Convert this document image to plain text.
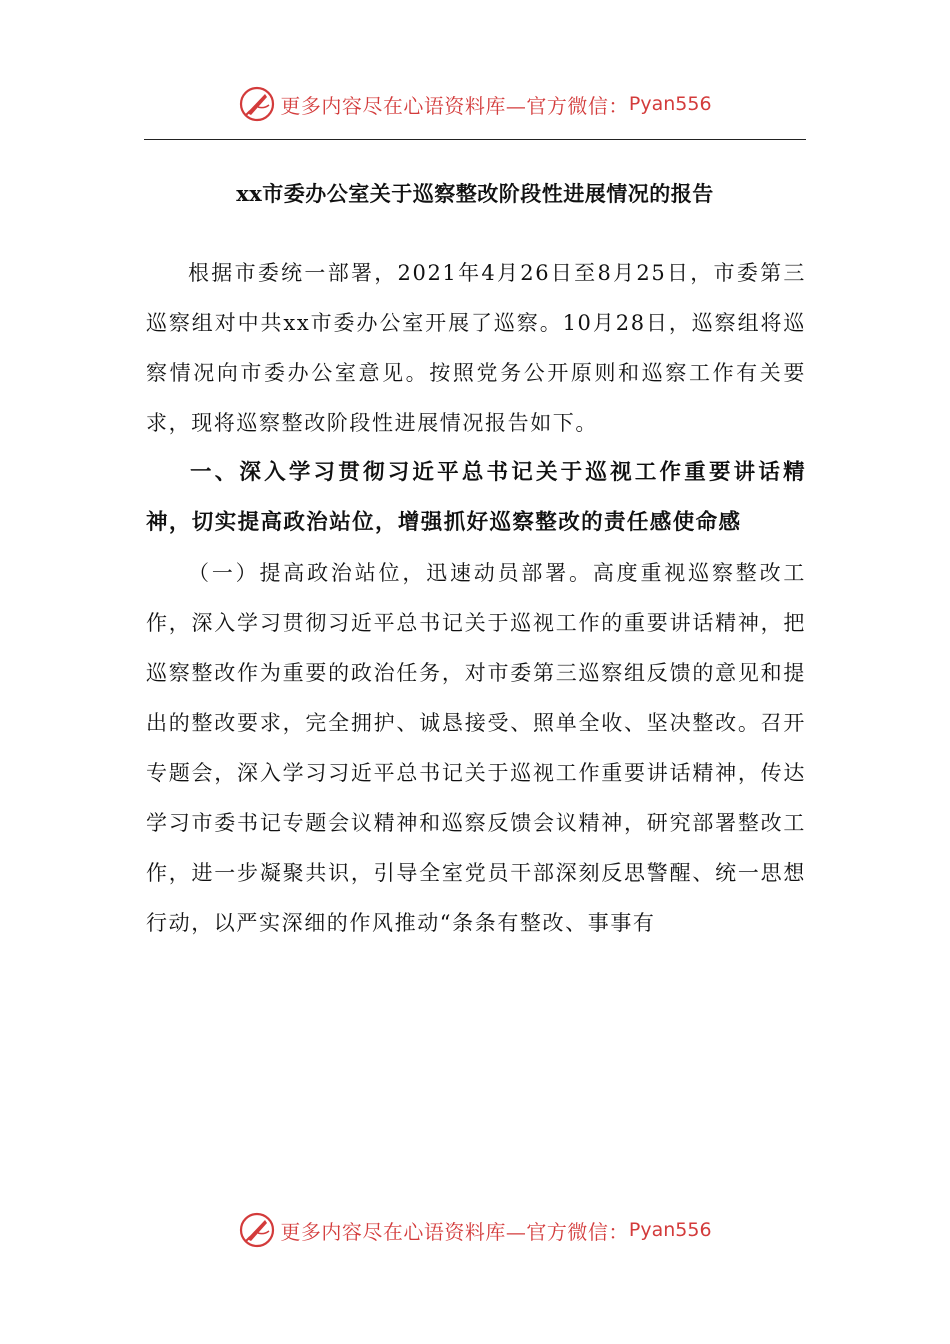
更多内容尽在心语资料库—官方微信： Pyan556
xx市委办公室关于巡察整改阶段性进展情况的报告

根据市委统一部署，2021年4月26日至8月25日，市委第三巡察组对中共xx市委办公室开展了巡察。10月28日，巡察组将巡察情况向市委办公室意见。按照党务公开原则和巡察工作有关要求，现将巡察整改阶段性进展情况报告如下。

一、深入学习贯彻习近平总书记关于巡视工作重要讲话精神，切实提高政治站位，增强抓好巡察整改的责任感使命感

（一）提高政治站位，迅速动员部署。高度重视巡察整改工作，深入学习贯彻习近平总书记关于巡视工作的重要讲话精神，把巡察整改作为重要的政治任务，对市委第三巡察组反馈的意见和提出的整改要求，完全拥护、诚恳接受、照单全收、坚决整改。召开专题会，深入学习习近平总书记关于巡视工作重要讲话精神，传达学习市委书记专题会议精神和巡察反馈会议精神，研究部署整改工作，进一步凝聚共识，引导全室党员干部深刻反思警醒、统一思想行动，以严实深细的作风推动“条条有整改、事事有

更多内容尽在心语资料库—官方微信： Pyan556
